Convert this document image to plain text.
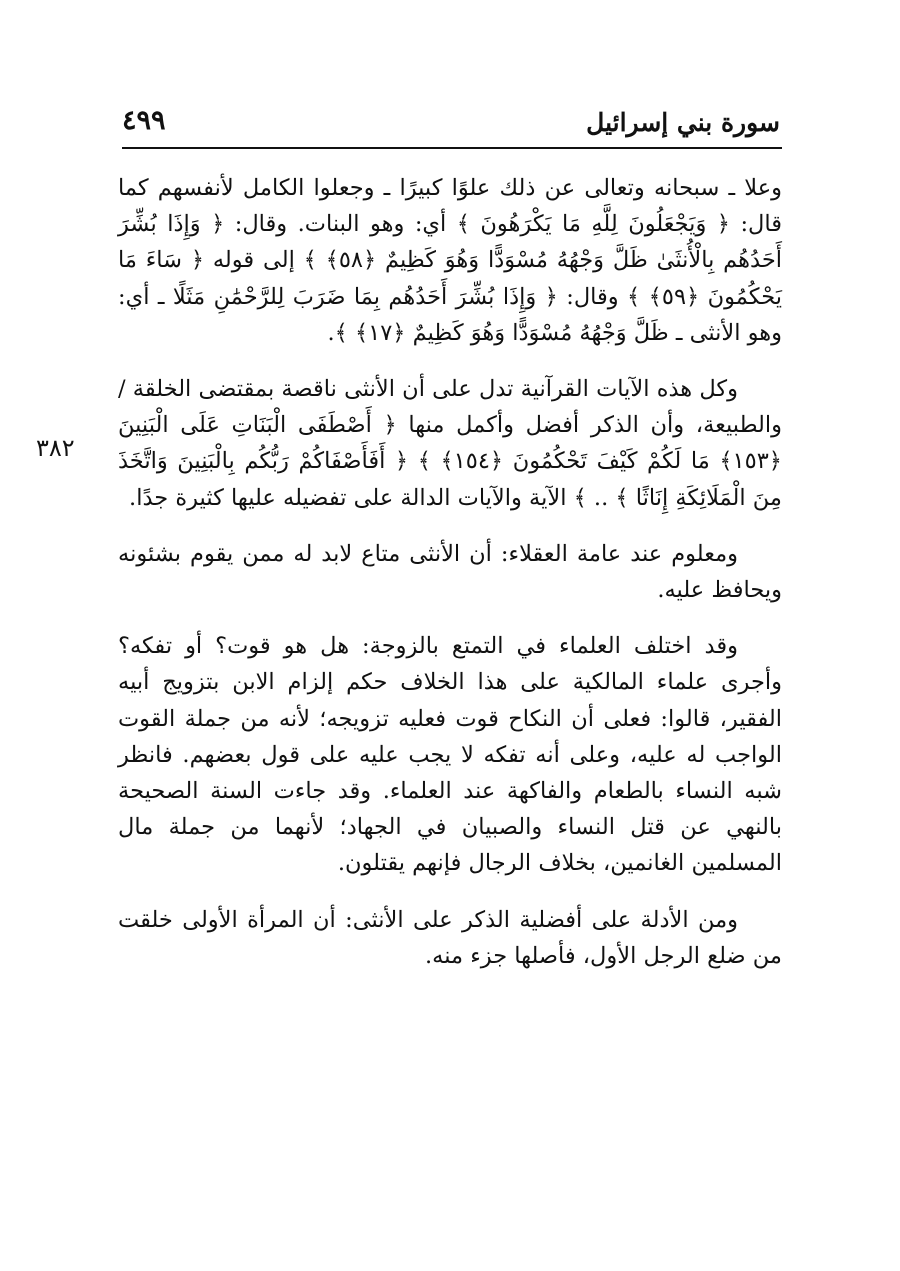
سورة بني إسرائيل
٤٩٩
٣٨٢

وعلا ـ سبحانه وتعالى عن ذلك علوًا كبيرًا ـ وجعلوا الكامل لأنفسهم كما قال: ﴿ وَيَجْعَلُونَ لِلَّهِ مَا يَكْرَهُونَ ﴾ أي: وهو البنات. وقال: ﴿ وَإِذَا بُشِّرَ أَحَدُهُم بِالْأُنثَىٰ ظَلَّ وَجْهُهُ مُسْوَدًّا وَهُوَ كَظِيمٌ ﴿٥٨﴾ ﴾ إلى قوله ﴿ سَاءَ مَا يَحْكُمُونَ ﴿٥٩﴾ ﴾ وقال: ﴿ وَإِذَا بُشِّرَ أَحَدُهُم بِمَا ضَرَبَ لِلرَّحْمَٰنِ مَثَلًا ـ أي: وهو الأنثى ـ ظَلَّ وَجْهُهُ مُسْوَدًّا وَهُوَ كَظِيمٌ ﴿١٧﴾ ﴾.

وكل هذه الآيات القرآنية تدل على أن الأنثى ناقصة بمقتضى الخلقة / والطبيعة، وأن الذكر أفضل وأكمل منها ﴿ أَصْطَفَى الْبَنَاتِ عَلَى الْبَنِينَ ﴿١٥٣﴾ مَا لَكُمْ كَيْفَ تَحْكُمُونَ ﴿١٥٤﴾ ﴾ ﴿ أَفَأَصْفَاكُمْ رَبُّكُم بِالْبَنِينَ وَاتَّخَذَ مِنَ الْمَلَائِكَةِ إِنَاثًا ﴾ .. ﴾ الآية والآيات الدالة على تفضيله عليها كثيرة جدًا.

ومعلوم عند عامة العقلاء: أن الأنثى متاع لابد له ممن يقوم بشئونه ويحافظ عليه.

وقد اختلف العلماء في التمتع بالزوجة: هل هو قوت؟ أو تفكه؟ وأجرى علماء المالكية على هذا الخلاف حكم إلزام الابن بتزويج أبيه الفقير، قالوا: فعلى أن النكاح قوت فعليه تزويجه؛ لأنه من جملة القوت الواجب له عليه، وعلى أنه تفكه لا يجب عليه على قول بعضهم. فانظر شبه النساء بالطعام والفاكهة عند العلماء. وقد جاءت السنة الصحيحة بالنهي عن قتل النساء والصبيان في الجهاد؛ لأنهما من جملة مال المسلمين الغانمين، بخلاف الرجال فإنهم يقتلون.

ومن الأدلة على أفضلية الذكر على الأنثى: أن المرأة الأولى خلقت من ضلع الرجل الأول، فأصلها جزء منه.
